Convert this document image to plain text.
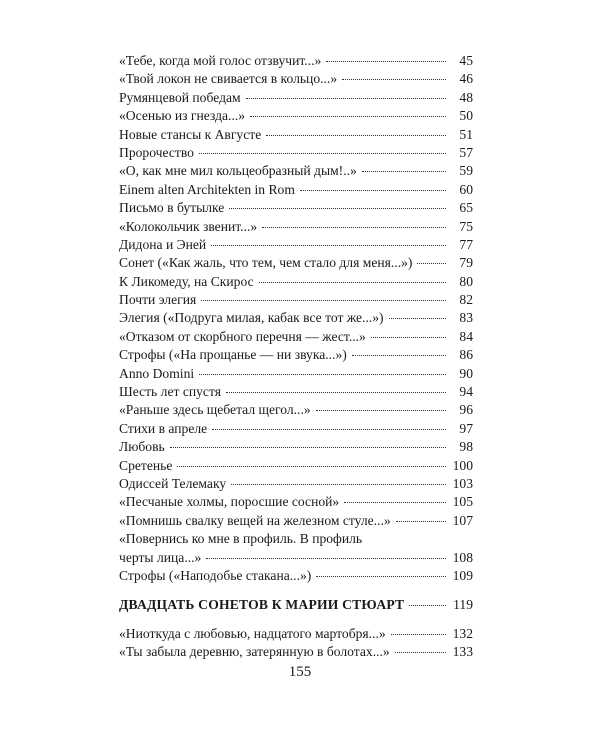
«Тебе, когда мой голос отзвучит...»	45
«Твой локон не свивается в кольцо...»	46
Румянцевой победам	48
«Осенью из гнезда...»	50
Новые стансы к Августе	51
Пророчество	57
«О, как мне мил кольцеобразный дым!..»	59
Einem alten Architekten in Rom	60
Письмо в бутылке	65
«Колокольчик звенит...»	75
Дидона и Эней	77
Сонет («Как жаль, что тем, чем стало для меня...»)	79
К Ликомеду, на Скирос	80
Почти элегия	82
Элегия («Подруга милая, кабак все тот же...»)	83
«Отказом от скорбного перечня — жест...»	84
Строфы («На прощанье — ни звука...»)	86
Anno Domini	90
Шесть лет спустя	94
«Раньше здесь щебетал щегол...»	96
Стихи в апреле	97
Любовь	98
Сретенье	100
Одиссей Телемаку	103
«Песчаные холмы, поросшие сосной»	105
«Помнишь свалку вещей на железном стуле...»	107
«Повернись ко мне в профиль. В профиль
черты лица...»	108
Строфы («Наподобье стакана...»)	109
ДВАДЦАТЬ СОНЕТОВ К МАРИИ СТЮАРТ	119
«Ниоткуда с любовью, надцатого мартобря...»	132
«Ты забыла деревню, затерянную в болотах...»	133
155
